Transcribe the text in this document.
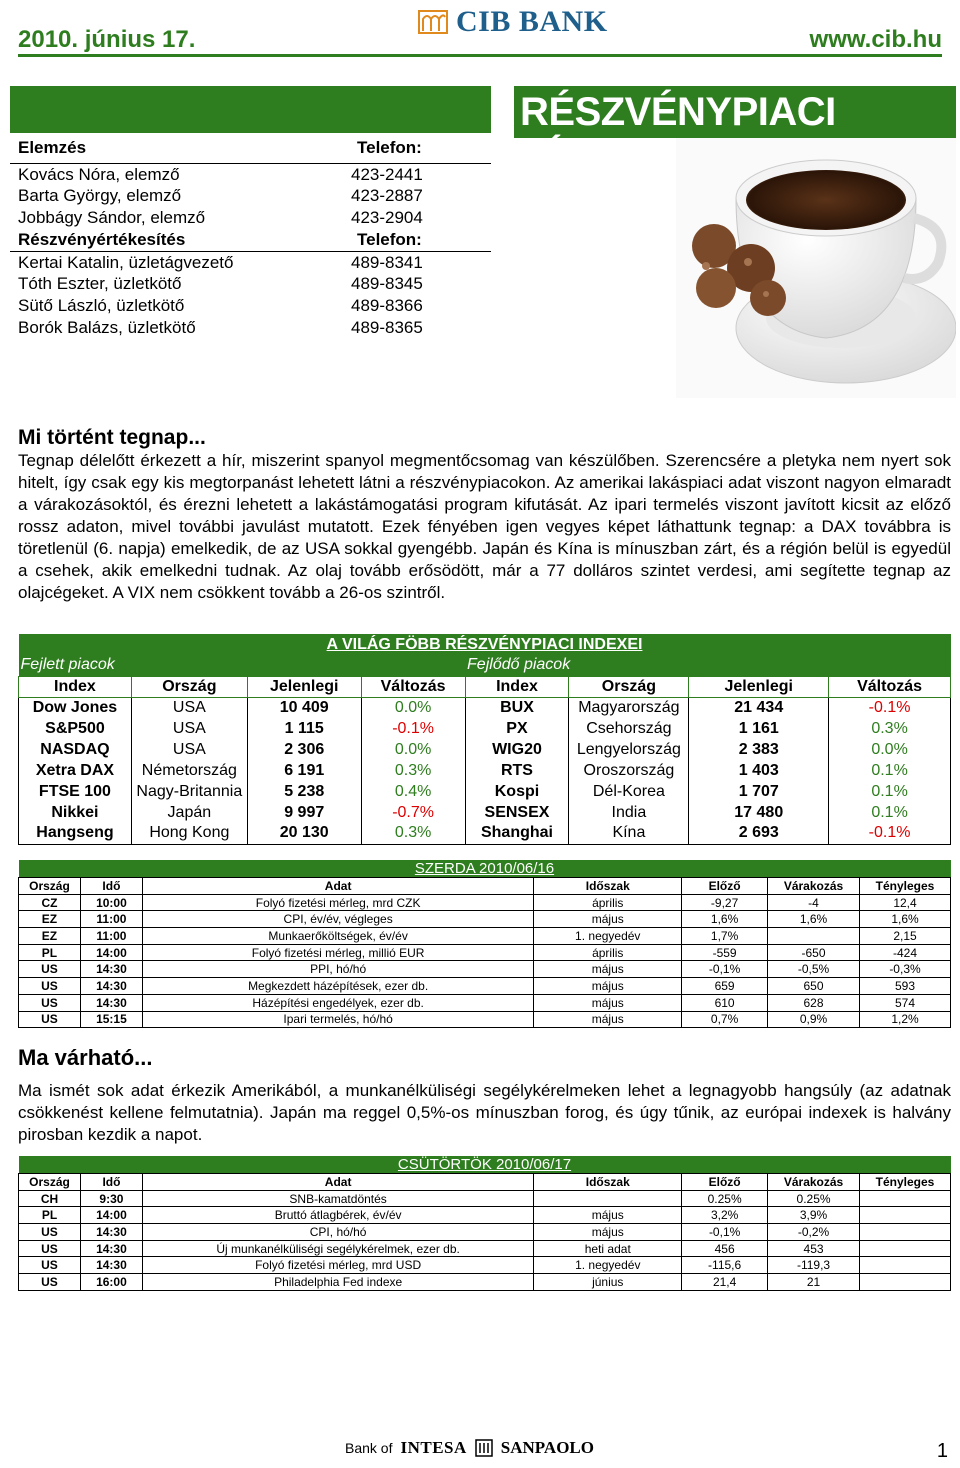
2010. június 17.
CIB BANK
www.cib.hu
Elemzés	Telefon:
Kovács Nóra, elemző	423-2441
Barta György, elemző	423-2887
Jobbágy Sándor, elemző	423-2904
Részvényértékesítés	Telefon:
Kertai Katalin, üzletágvezető	489-8341
Tóth Eszter, üzletkötő	489-8345
Sütő László, üzletkötő	489-8366
Borók Balázs, üzletkötő	489-8365
RÉSZVÉNYPIACI HÍREK
Mi történt tegnap...
Tegnap délelőtt érkezett a hír, miszerint spanyol megmentőcsomag van készülőben. Szerencsére a pletyka nem nyert sok hitelt, így csak egy kis megtorpanást lehetett látni a részvénypiacokon. Az amerikai lakáspiaci adat viszont nagyon elmaradt a várakozásoktól, és érezni lehetett a lakástámogatási program kifutását. Az ipari termelés viszont javított kicsit az előző rossz adaton, mivel további javulást mutatott. Ezek fényében igen vegyes képet láthattunk tegnap: a DAX továbbra is töretlenül (6. napja) emelkedik, de az USA sokkal gyengébb. Japán és Kína is mínuszban zárt, és a régión belül is egyedül a csehek, akik emelkedni tudnak. Az olaj tovább erősödött, már a 77 dolláros szintet verdesi, ami segítette tegnap az olajcégeket. A VIX nem csökkent tovább a 26-os szintről.
A VILÁG FÖBB RÉSZVÉNYPIACI INDEXEI							
Fejlett piacok				Fejlődő piacok			
Index	Ország	Jelenlegi	Változás	Index	Ország	Jelenlegi	Változás
Dow Jones	USA	10 409	0.0%	BUX	Magyarország	21 434	-0.1%
S&P500	USA	1 115	-0.1%	PX	Csehország	1 161	0.3%
NASDAQ	USA	2 306	0.0%	WIG20	Lengyelország	2 383	0.0%
Xetra DAX	Németország	6 191	0.3%	RTS	Oroszország	1 403	0.1%
FTSE 100	Nagy-Britannia	5 238	0.4%	Kospi	Dél-Korea	1 707	0.1%
Nikkei	Japán	9 997	-0.7%	SENSEX	India	17 480	0.1%
Hangseng	Hong Kong	20 130	0.3%	Shanghai	Kína	2 693	-0.1%
SZERDA 2010/06/16						
Ország	Idő	Adat	Időszak	Előző	Várakozás	Tényleges
CZ	10:00	Folyó fizetési mérleg, mrd CZK	április	-9,27	-4	12,4
EZ	11:00	CPI, év/év, végleges	május	1,6%	1,6%	1,6%
EZ	11:00	Munkaerőköltségek, év/év	1. negyedév	1,7%		2,15
PL	14:00	Folyó fizetési mérleg, millió EUR	április	-559	-650	-424
US	14:30	PPI, hó/hó	május	-0,1%	-0,5%	-0,3%
US	14:30	Megkezdett házépítések, ezer db.	május	659	650	593
US	14:30	Házépítési engedélyek, ezer db.	május	610	628	574
US	15:15	Ipari termelés, hó/hó	május	0,7%	0,9%	1,2%
Ma várható...
Ma ismét sok adat érkezik Amerikából, a munkanélküliségi segélykérelmeken lehet a legnagyobb hangsúly (az adatnak csökkenést kellene felmutatnia). Japán ma reggel 0,5%-os mínuszban forog, és úgy tűnik, az európai indexek is halvány pirosban kezdik a napot.
CSÜTÖRTÖK 2010/06/17						
Ország	Idő	Adat	Időszak	Előző	Várakozás	Tényleges
CH	9:30	SNB-kamatdöntés		0.25%	0.25%	
PL	14:00	Bruttó átlagbérek, év/év	május	3,2%	3,9%	
US	14:30	CPI, hó/hó	május	-0,1%	-0,2%	
US	14:30	Új munkanélküliségi segélykérelmek, ezer db.	heti adat	456	453	
US	14:30	Folyó fizetési mérleg, mrd USD	1. negyedév	-115,6	-119,3	
US	16:00	Philadelphia Fed indexe	június	21,4	21	
Bank of INTESA SANPAOLO	1
